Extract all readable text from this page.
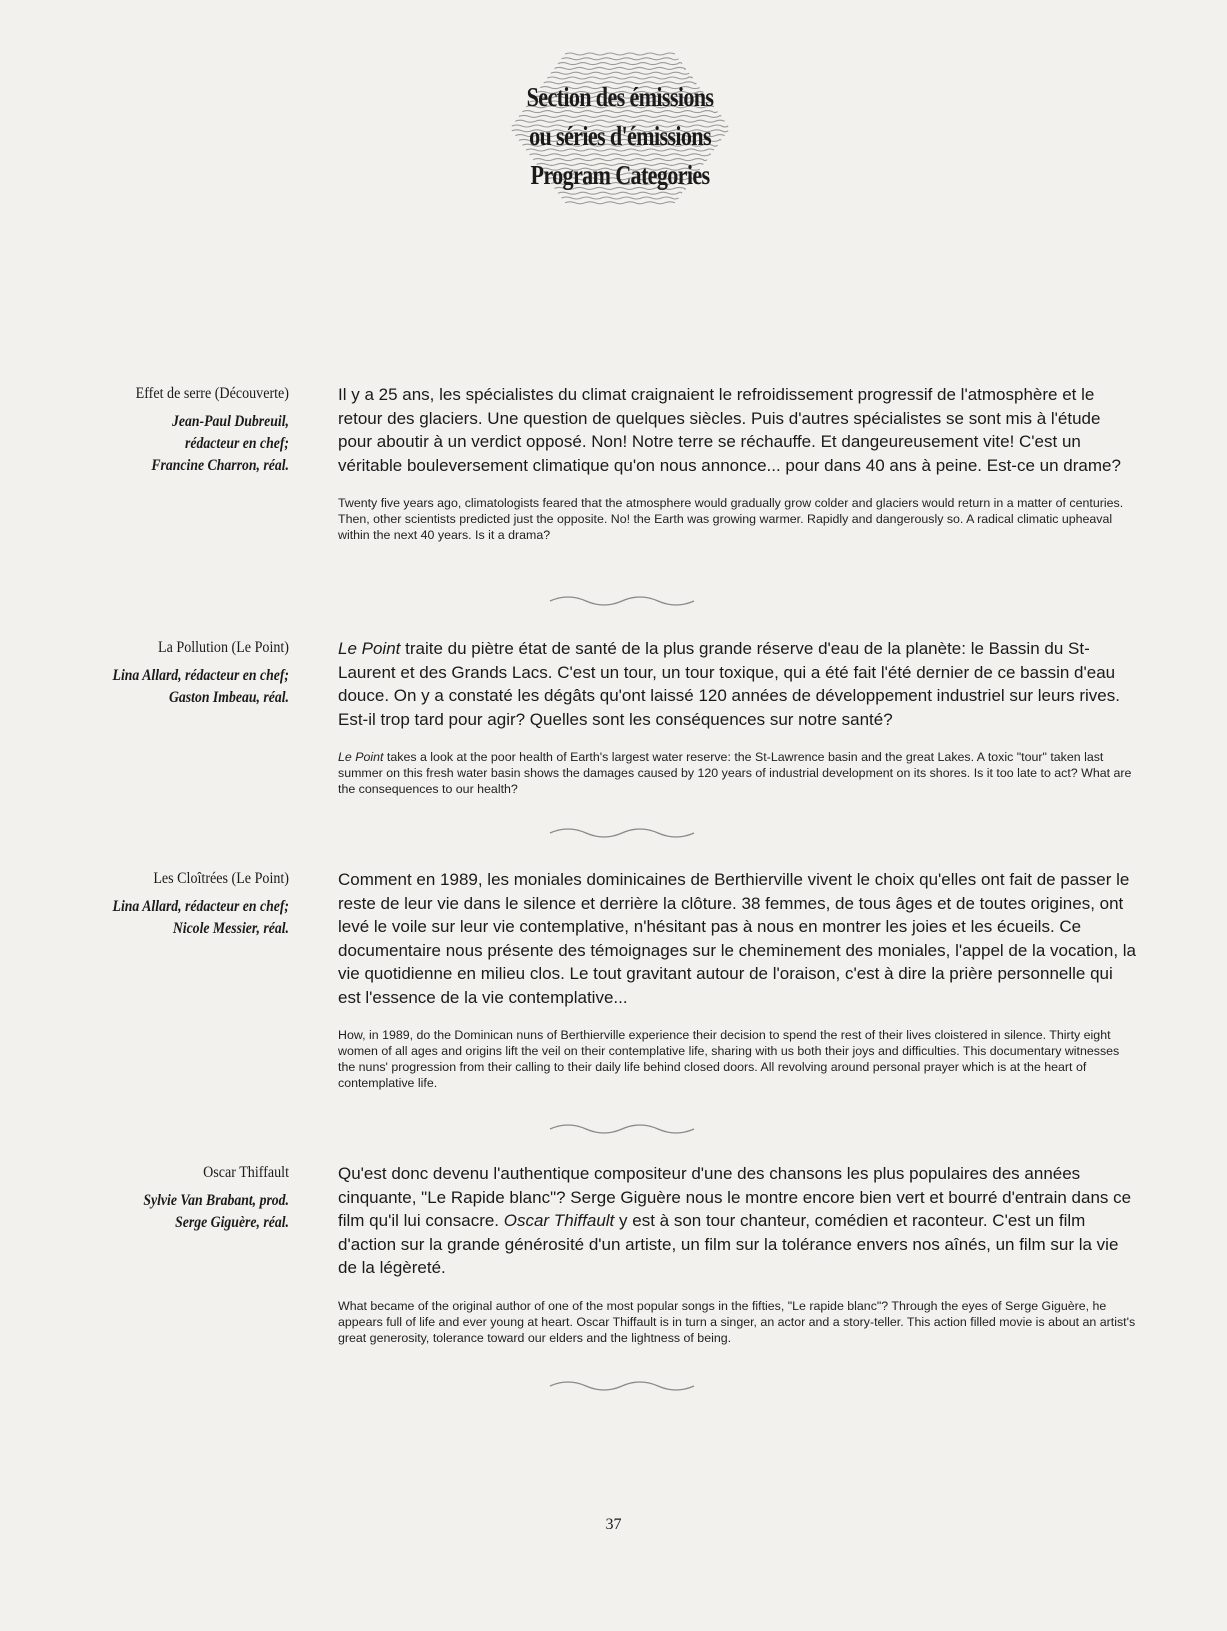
Section des émissions
ou séries d'émissions
Program Categories
Effet de serre (Découverte)
Jean-Paul Dubreuil,
rédacteur en chef;
Francine Charron, réal.

Il y a 25 ans, les spécialistes du climat craignaient le refroidissement progressif de l'atmosphère et le retour des glaciers. Une question de quelques siècles. Puis d'autres spécialistes se sont mis à l'étude pour aboutir à un verdict opposé. Non! Notre terre se réchauffe. Et dangeureusement vite! C'est un véritable bouleversement climatique qu'on nous annonce... pour dans 40 ans à peine. Est-ce un drame?

Twenty five years ago, climatologists feared that the atmosphere would gradually grow colder and glaciers would return in a matter of centuries. Then, other scientists predicted just the opposite. No! the Earth was growing warmer. Rapidly and dangerously so. A radical climatic upheaval within the next 40 years. Is it a drama?

La Pollution (Le Point)
Lina Allard, rédacteur en chef;
Gaston Imbeau, réal.

Le Point traite du piètre état de santé de la plus grande réserve d'eau de la planète: le Bassin du St-Laurent et des Grands Lacs. C'est un tour, un tour toxique, qui a été fait l'été dernier de ce bassin d'eau douce. On y a constaté les dégâts qu'ont laissé 120 années de développement industriel sur leurs rives. Est-il trop tard pour agir? Quelles sont les conséquences sur notre santé?

Le Point takes a look at the poor health of Earth's largest water reserve: the St-Lawrence basin and the great Lakes. A toxic "tour" taken last summer on this fresh water basin shows the damages caused by 120 years of industrial development on its shores. Is it too late to act? What are the consequences to our health?

Les Cloîtrées (Le Point)
Lina Allard, rédacteur en chef;
Nicole Messier, réal.

Comment en 1989, les moniales dominicaines de Berthierville vivent le choix qu'elles ont fait de passer le reste de leur vie dans le silence et derrière la clôture. 38 femmes, de tous âges et de toutes origines, ont levé le voile sur leur vie contemplative, n'hésitant pas à nous en montrer les joies et les écueils. Ce documentaire nous présente des témoignages sur le cheminement des moniales, l'appel de la vocation, la vie quotidienne en milieu clos. Le tout gravitant autour de l'oraison, c'est à dire la prière personnelle qui est l'essence de la vie contemplative...

How, in 1989, do the Dominican nuns of Berthierville experience their decision to spend the rest of their lives cloistered in silence. Thirty eight women of all ages and origins lift the veil on their contemplative life, sharing with us both their joys and difficulties. This documentary witnesses the nuns' progression from their calling to their daily life behind closed doors. All revolving around personal prayer which is at the heart of contemplative life.

Oscar Thiffault
Sylvie Van Brabant, prod.
Serge Giguère, réal.

Qu'est donc devenu l'authentique compositeur d'une des chansons les plus populaires des années cinquante, "Le Rapide blanc"? Serge Giguère nous le montre encore bien vert et bourré d'entrain dans ce film qu'il lui consacre. Oscar Thiffault y est à son tour chanteur, comédien et raconteur. C'est un film d'action sur la grande générosité d'un artiste, un film sur la tolérance envers nos aînés, un film sur la vie de la légèreté.

What became of the original author of one of the most popular songs in the fifties, "Le rapide blanc"? Through the eyes of Serge Giguère, he appears full of life and ever young at heart. Oscar Thiffault is in turn a singer, an actor and a story-teller. This action filled movie is about an artist's great generosity, tolerance toward our elders and the lightness of being.

37
